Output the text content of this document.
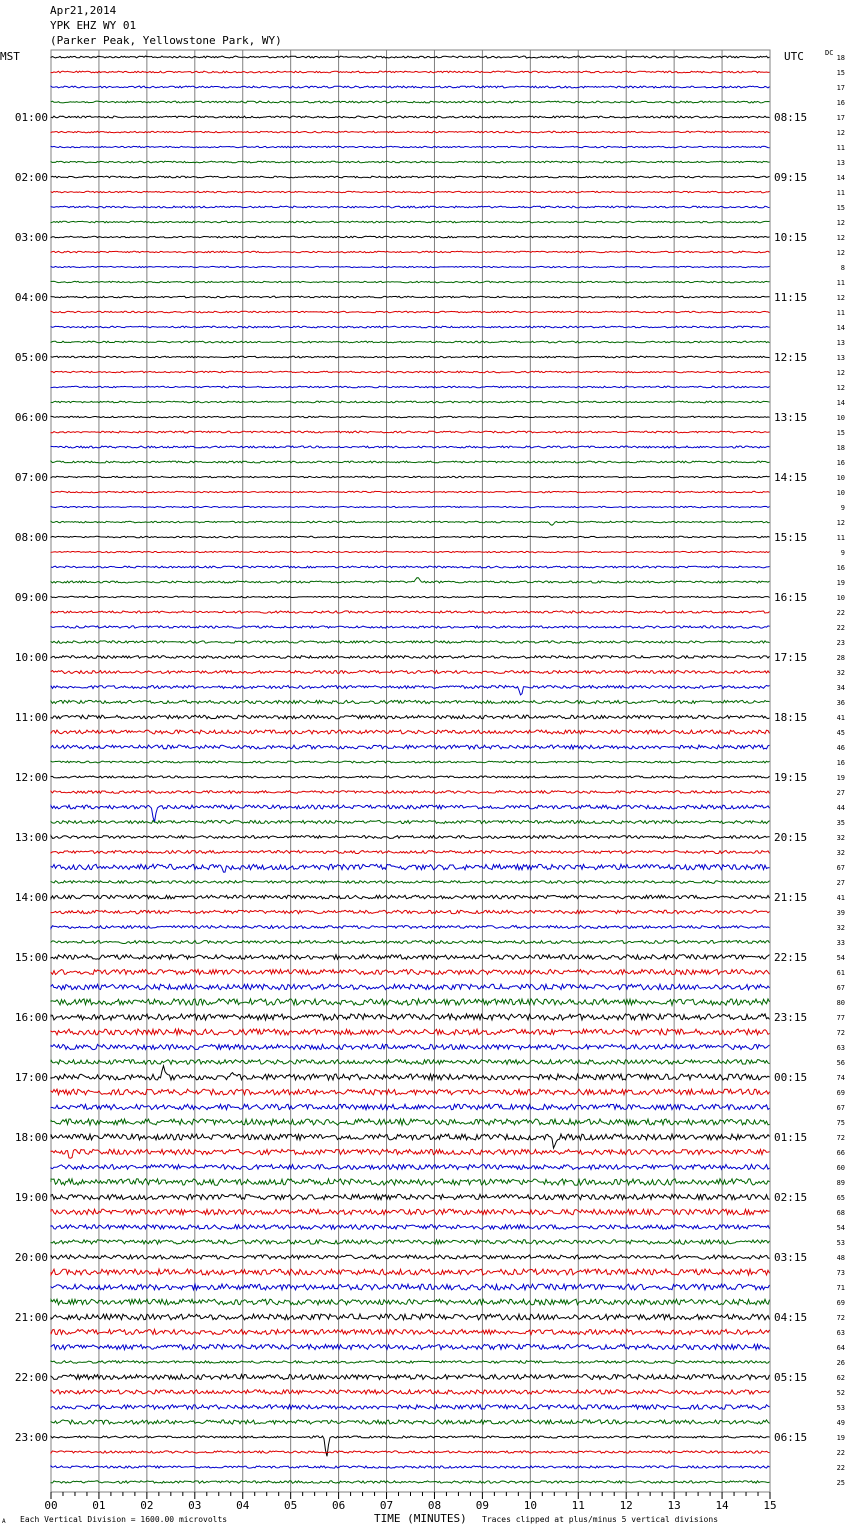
Apr21,2014
YPK EHZ WY 01
(Parker Peak, Yellowstone Park, WY)
MST	UTC	DC
18
15
17
16
17
12
11
13
14
11
15
12
12
12
8
11
12
11
14
13
13
12
12
14
10
15
18
16
10
10
9
12
11
9
16
19
10
22
22
23
28
32
34
36
41
45
46
16
19
27
44
35
32
32
67
27
41
39
32
33
54
61
67
80
77
72
63
56
74
69
67
75
72
66
60
89
65
68
54
53
48
73
71
69
72
63
64
26
62
52
53
49
19
22
22
25
01:00
02:00
03:00
04:00
05:00
06:00
07:00
08:00
09:00
10:00
11:00
12:00
13:00
14:00
15:00
16:00
17:00
18:00
19:00
20:00
21:00
22:00
23:00
08:15
09:15
10:15
11:15
12:15
13:15
14:15
15:15
16:15
17:15
18:15
19:15
20:15
21:15
22:15
23:15
00:15
01:15
02:15
03:15
04:15
05:15
06:15
00	01	02	03	04	05	06	07	08	09	10	11	12	13	14	15
A Each Vertical Division = 1600.00 microvolts	TIME (MINUTES) Traces clipped at plus/minus 5 vertical divisions
